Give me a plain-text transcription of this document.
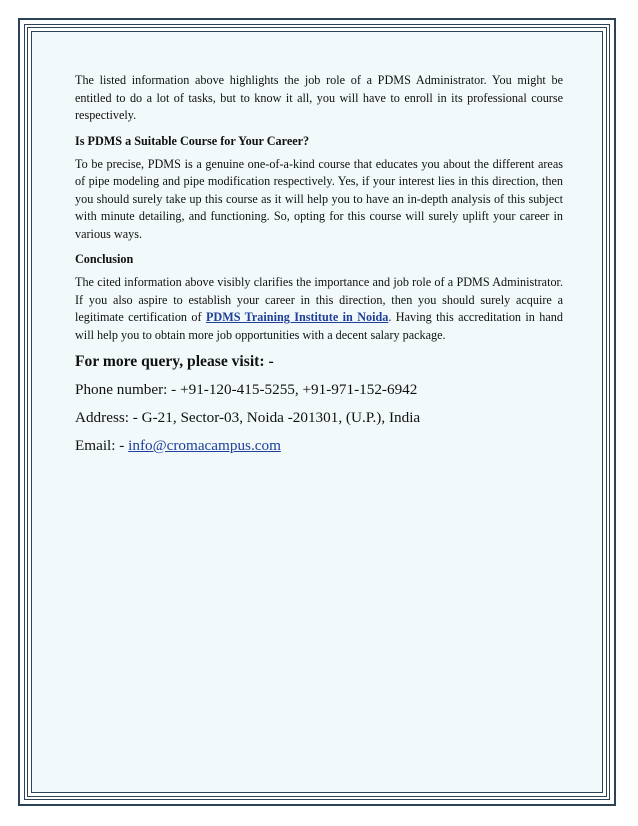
The listed information above highlights the job role of a PDMS Administrator. You might be entitled to do a lot of tasks, but to know it all, you will have to enroll in its professional course respectively.

Is PDMS a Suitable Course for Your Career?

To be precise, PDMS is a genuine one-of-a-kind course that educates you about the different areas of pipe modeling and pipe modification respectively. Yes, if your interest lies in this direction, then you should surely take up this course as it will help you to have an in-depth analysis of this subject with minute detailing, and functioning. So, opting for this course will surely uplift your career in various ways.

Conclusion

The cited information above visibly clarifies the importance and job role of a PDMS Administrator. If you also aspire to establish your career in this direction, then you should surely acquire a legitimate certification of PDMS Training Institute in Noida. Having this accreditation in hand will help you to obtain more job opportunities with a decent salary package.

For more query, please visit: -
Phone number: - +91-120-415-5255, +91-971-152-6942
Address: - G-21, Sector-03, Noida -201301, (U.P.), India
Email: - info@cromacampus.com
